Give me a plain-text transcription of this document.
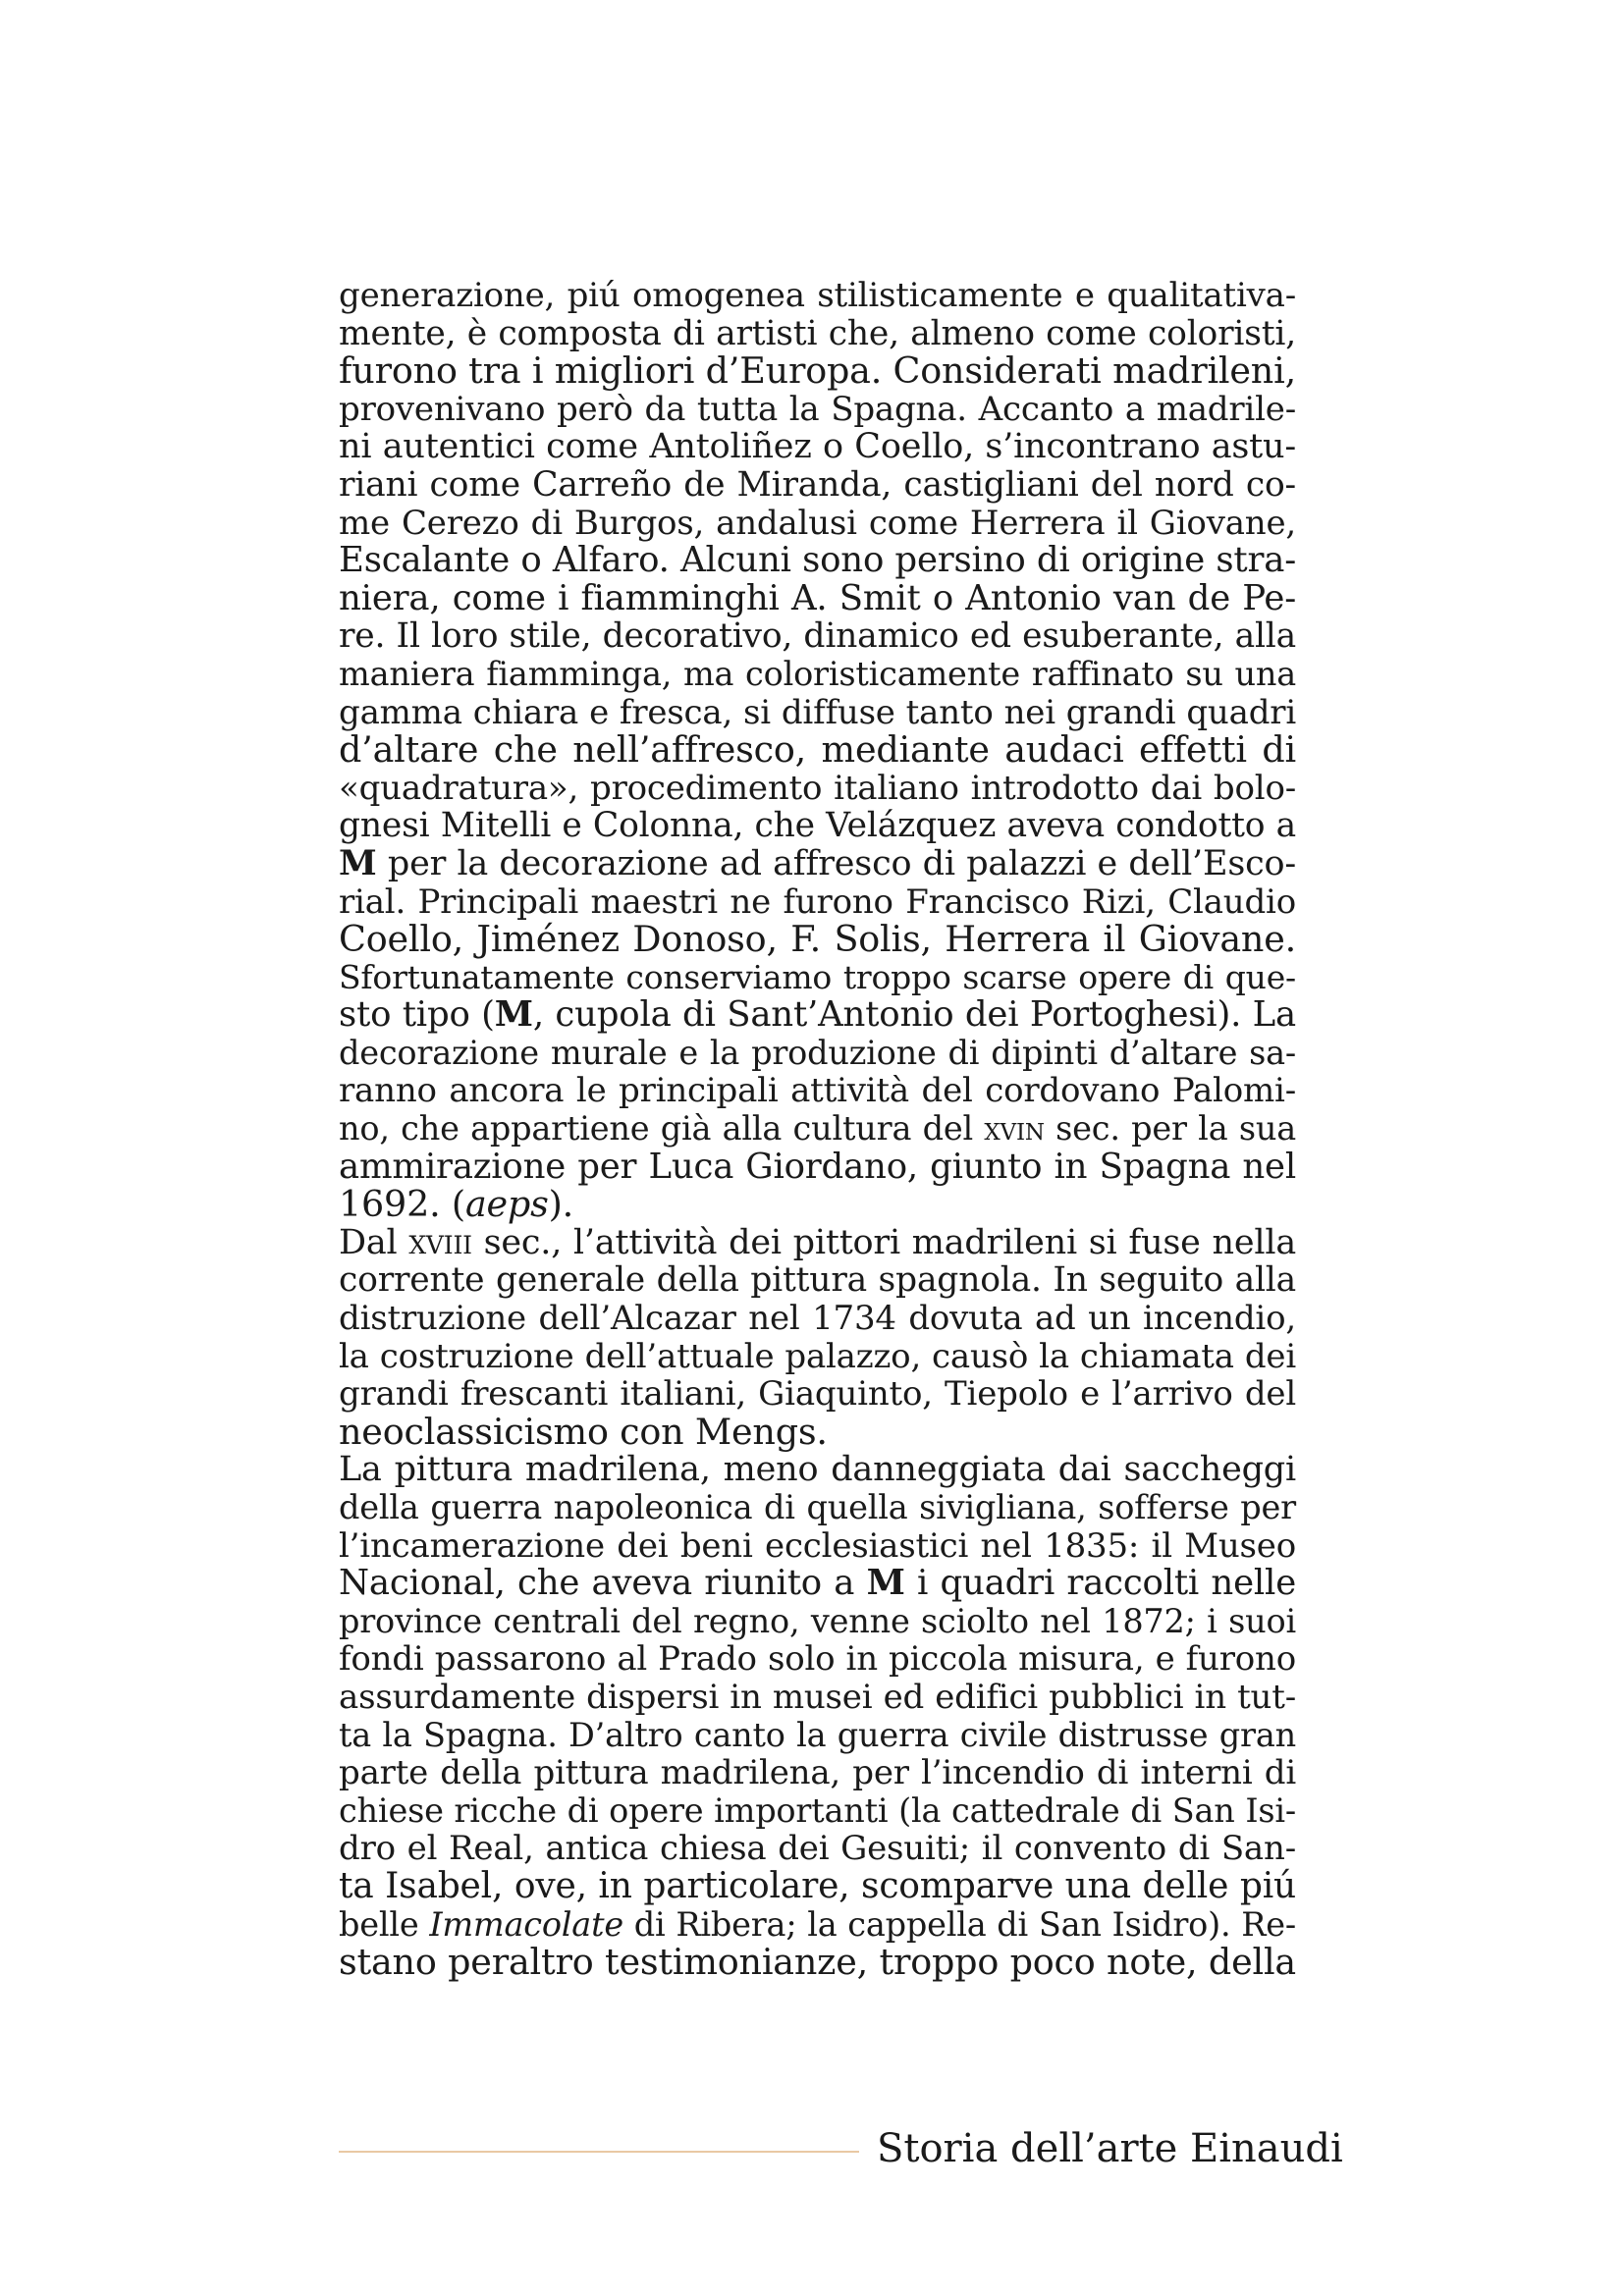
generazione, piú omogenea stilisticamente e qualitativa-
mente, è composta di artisti che, almeno come coloristi,
furono tra i migliori d’Europa. Considerati madrileni,
provenivano però da tutta la Spagna. Accanto a madrile-
ni autentici come Antoliñez o Coello, s’incontrano astu-
riani come Carreño de Miranda, castigliani del nord co-
me Cerezo di Burgos, andalusi come Herrera il Giovane,
Escalante o Alfaro. Alcuni sono persino di origine stra-
niera, come i fiamminghi A. Smit o Antonio van de Pe-
re. Il loro stile, decorativo, dinamico ed esuberante, alla
maniera fiamminga, ma coloristicamente raffinato su una
gamma chiara e fresca, si diffuse tanto nei grandi quadri
d’altare che nell’affresco, mediante audaci effetti di
«quadratura», procedimento italiano introdotto dai bolo-
gnesi Mitelli e Colonna, che Velázquez aveva condotto a
M per la decorazione ad affresco di palazzi e dell’Esco-
rial. Principali maestri ne furono Francisco Rizi, Claudio
Coello, Jiménez Donoso, F. Solis, Herrera il Giovane.
Sfortunatamente conserviamo troppo scarse opere di que-
sto tipo (M, cupola di Sant’Antonio dei Portoghesi). La
decorazione murale e la produzione di dipinti d’altare sa-
ranno ancora le principali attività del cordovano Palomi-
no, che appartiene già alla cultura del xvin sec. per la sua
ammirazione per Luca Giordano, giunto in Spagna nel
1692. (aeps).
Dal xviii sec., l’attività dei pittori madrileni si fuse nella
corrente generale della pittura spagnola. In seguito alla
distruzione dell’Alcazar nel 1734 dovuta ad un incendio,
la costruzione dell’attuale palazzo, causò la chiamata dei
grandi frescanti italiani, Giaquinto, Tiepolo e l’arrivo del
neoclassicismo con Mengs.
La pittura madrilena, meno danneggiata dai saccheggi
della guerra napoleonica di quella sivigliana, sofferse per
l’incamerazione dei beni ecclesiastici nel 1835: il Museo
Nacional, che aveva riunito a M i quadri raccolti nelle
province centrali del regno, venne sciolto nel 1872; i suoi
fondi passarono al Prado solo in piccola misura, e furono
assurdamente dispersi in musei ed edifici pubblici in tut-
ta la Spagna. D’altro canto la guerra civile distrusse gran
parte della pittura madrilena, per l’incendio di interni di
chiese ricche di opere importanti (la cattedrale di San Isi-
dro el Real, antica chiesa dei Gesuiti; il convento di San-
ta Isabel, ove, in particolare, scomparve una delle piú
belle Immacolate di Ribera; la cappella di San Isidro). Re-
stano peraltro testimonianze, troppo poco note, della
Storia dell’arte Einaudi
